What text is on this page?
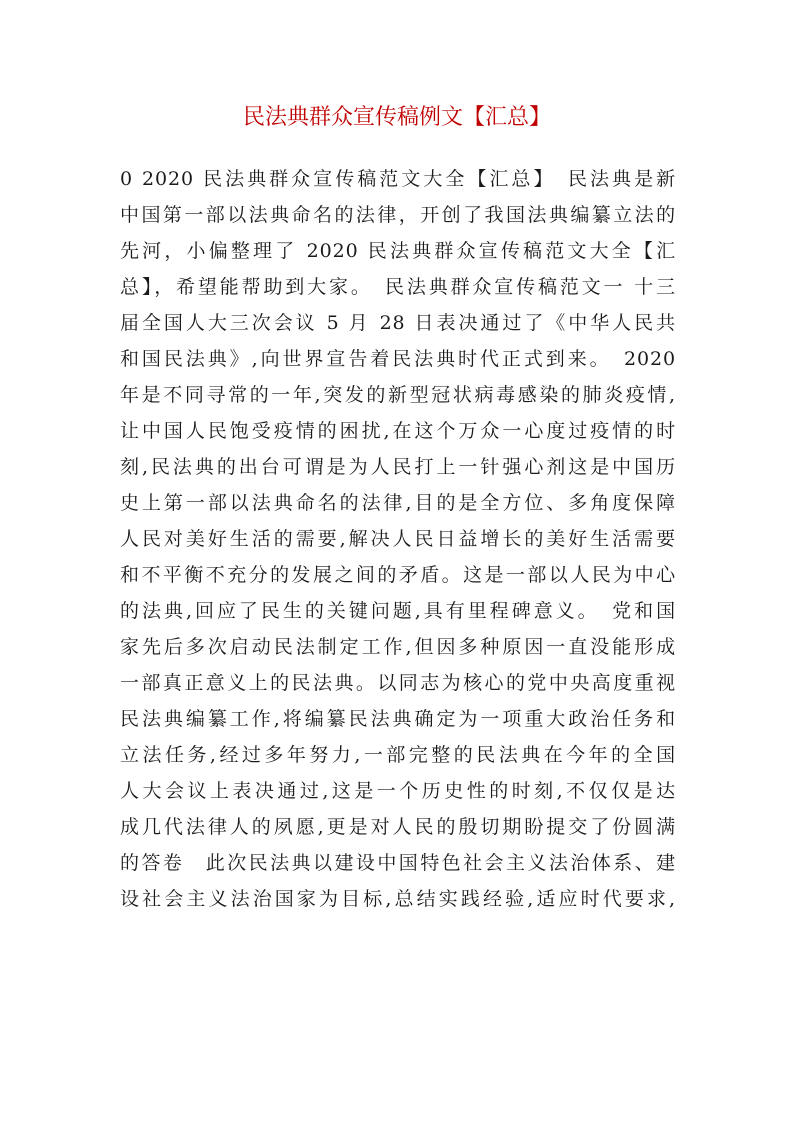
民法典群众宣传稿例文【汇总】
0 2020 民法典群众宣传稿范文大全【汇总】　民法典是新
中国第一部以法典命名的法律，开创了我国法典编纂立法的
先河，小偏整理了 2020 民法典群众宣传稿范文大全【汇
总】，希望能帮助到大家。　民法典群众宣传稿范文一 十三
届全国人大三次会议 5 月 28 日表决通过了《中华人民共
和国民法典》,向世界宣告着民法典时代正式到来。　2020
年是不同寻常的一年,突发的新型冠状病毒感染的肺炎疫情,
让中国人民饱受疫情的困扰,在这个万众一心度过疫情的时
刻,民法典的出台可谓是为人民打上一针强心剂这是中国历
史上第一部以法典命名的法律,目的是全方位、多角度保障
人民对美好生活的需要,解决人民日益增长的美好生活需要
和不平衡不充分的发展之间的矛盾。这是一部以人民为中心
的法典,回应了民生的关键问题,具有里程碑意义。　党和国
家先后多次启动民法制定工作,但因多种原因一直没能形成
一部真正意义上的民法典。以同志为核心的党中央高度重视
民法典编纂工作,将编纂民法典确定为一项重大政治任务和
立法任务,经过多年努力,一部完整的民法典在今年的全国
人大会议上表决通过,这是一个历史性的时刻,不仅仅是达
成几代法律人的夙愿,更是对人民的殷切期盼提交了份圆满
的答卷　此次民法典以建设中国特色社会主义法治体系、建
设社会主义法治国家为目标,总结实践经验,适应时代要求,
